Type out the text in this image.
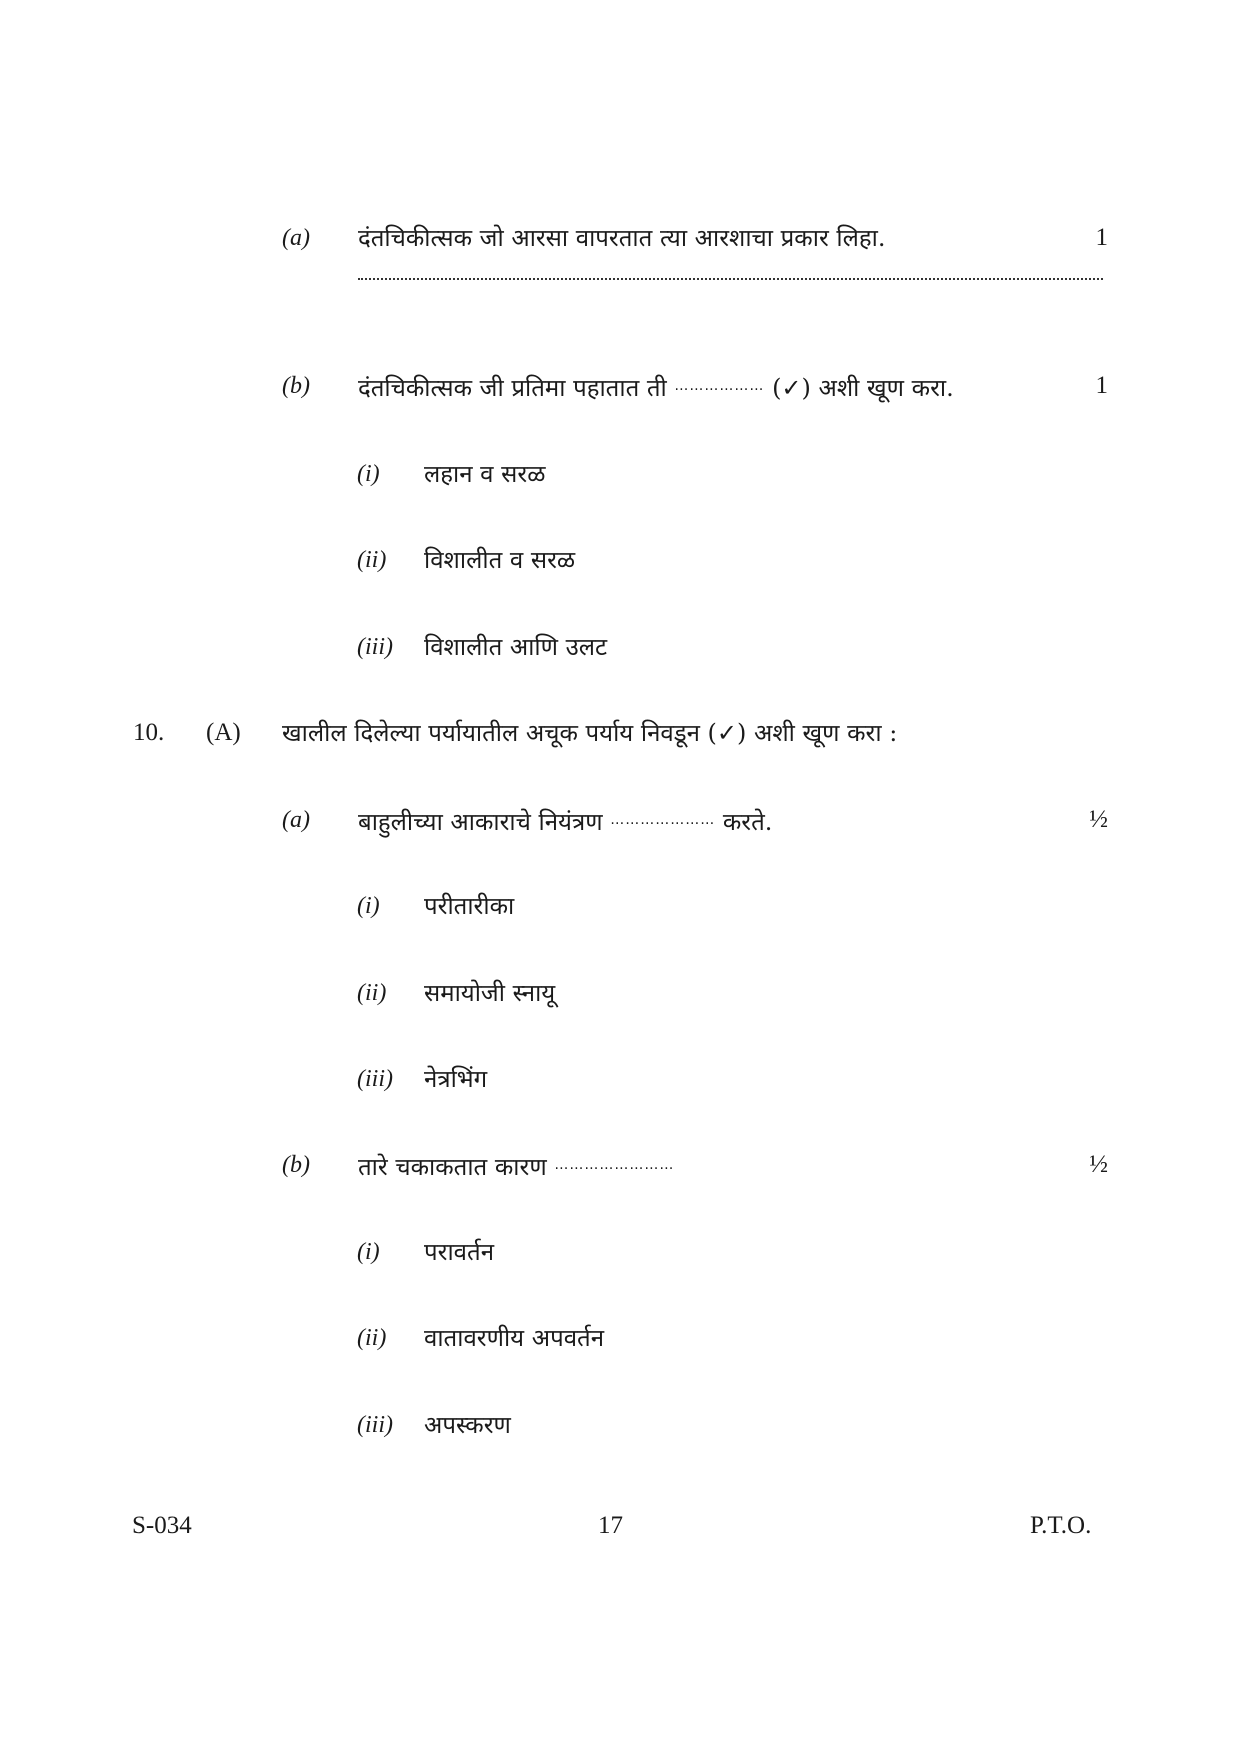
(a) दंतचिकीत्सक जो आरसा वापरतात त्या आरशाचा प्रकार लिहा.	1
(b) दंतचिकीत्सक जी प्रतिमा पहातात ती ……………… (✓) अशी खूण करा.	1
(i) लहान व सरळ
(ii) विशालीत व सरळ
(iii) विशालीत आणि उलट
10. (A) खालील दिलेल्या पर्यायातील अचूक पर्याय निवडून (✓) अशी खूण करा :
(a) बाहुलीच्या आकाराचे नियंत्रण ………………… करते.	½
(i) परीतारीका
(ii) समायोजी स्नायू
(iii) नेत्रभिंग
(b) तारे चकाकतात कारण ……………………	½
(i) परावर्तन
(ii) वातावरणीय अपवर्तन
(iii) अपस्करण
S-034	17	P.T.O.
